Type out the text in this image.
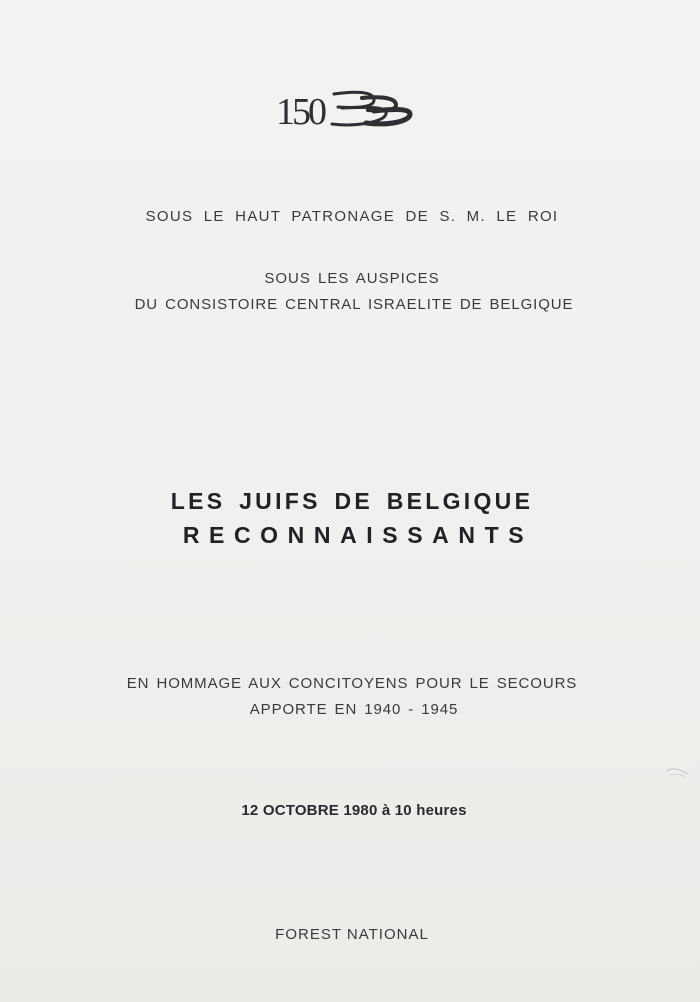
150
SOUS LE HAUT PATRONAGE DE S. M. LE ROI
SOUS LES AUSPICES
DU CONSISTOIRE CENTRAL ISRAELITE DE BELGIQUE
LES JUIFS DE BELGIQUE
RECONNAISSANTS
EN HOMMAGE AUX CONCITOYENS POUR LE SECOURS
APPORTE EN 1940 - 1945
12 OCTOBRE 1980 à 10 heures
FOREST NATIONAL
